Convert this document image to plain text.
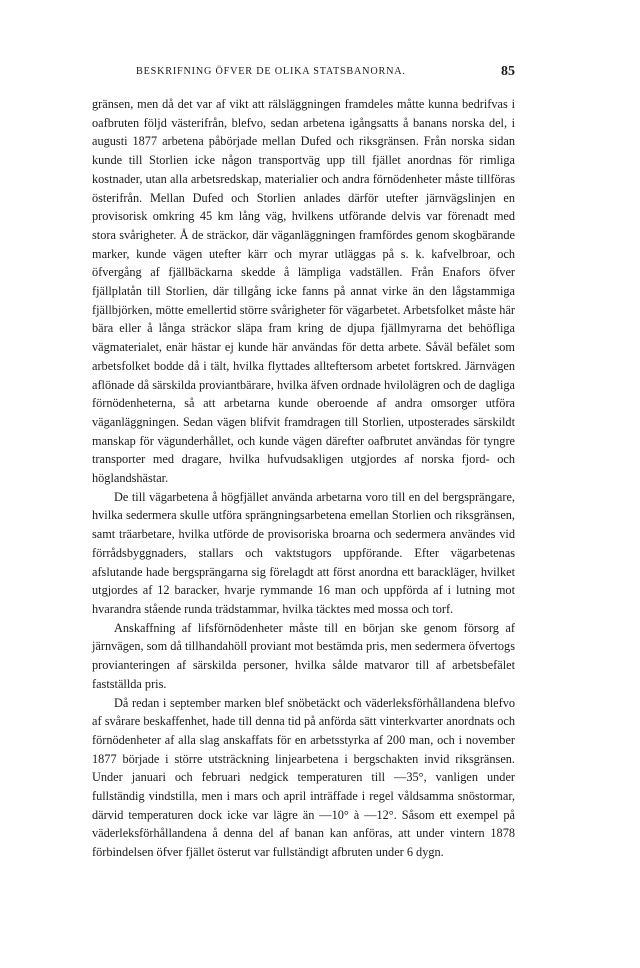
BESKRIFNING ÖFVER DE OLIKA STATSBANORNA.	85

gränsen, men då det var af vikt att rälsläggningen framdeles måtte kunna bedrifvas i oafbruten följd västerifrån, blefvo, sedan arbetena igångsatts å banans norska del, i augusti 1877 arbetena påbörjade mellan Dufed och riksgränsen. Från norska sidan kunde till Storlien icke någon transportväg upp till fjället anordnas för rimliga kostnader, utan alla arbetsredskap, materialier och andra förnödenheter måste tillföras österifrån. Mellan Dufed och Storlien anlades därför utefter järnvägslinjen en provisorisk omkring 45 km lång väg, hvilkens utförande delvis var förenadt med stora svårigheter. Å de sträckor, där väganläggningen framfördes genom skogbärande marker, kunde vägen utefter kärr och myrar utläggas på s. k. kafvelbroar, och öfvergång af fjällbäckarna skedde å lämpliga vadställen. Från Enafors öfver fjällplatån till Storlien, där tillgång icke fanns på annat virke än den lågstammiga fjällbjörken, mötte emellertid större svårigheter för vägarbetet. Arbetsfolket måste här bära eller å långa sträckor släpa fram kring de djupa fjällmyrarna det behöfliga vägmaterialet, enär hästar ej kunde här användas för detta arbete. Såväl befälet som arbetsfolket bodde då i tält, hvilka flyttades allteftersom arbetet fortskred. Järnvägen aflönade då särskilda proviantbärare, hvilka äfven ordnade hvilolägren och de dagliga förnödenheterna, så att arbetarna kunde oberoende af andra omsorger utföra väganläggningen. Sedan vägen blifvit framdragen till Storlien, utposterades särskildt manskap för vägunderhållet, och kunde vägen därefter oafbrutet användas för tyngre transporter med dragare, hvilka hufvudsakligen utgjordes af norska fjord- och höglandshästar.

De till vägarbetena å högfjället använda arbetarna voro till en del bergsprängare, hvilka sedermera skulle utföra sprängningsarbetena emellan Storlien och riksgränsen, samt träarbetare, hvilka utförde de provisoriska broarna och sedermera användes vid förrådsbyggnaders, stallars och vaktstugors uppförande. Efter vägarbetenas afslutande hade bergsprängarna sig förelagdt att först anordna ett barackläger, hvilket utgjordes af 12 baracker, hvarje rymmande 16 man och uppförda af i lutning mot hvarandra stående runda trädstammar, hvilka täcktes med mossa och torf.

Anskaffning af lifsförnödenheter måste till en början ske genom försorg af järnvägen, som då tillhandahöll proviant mot bestämda pris, men sedermera öfvertogs provianteringen af särskilda personer, hvilka sålde matvaror till af arbetsbefälet fastställda pris.

Då redan i september marken blef snöbetäckt och väderleksförhållandena blefvo af svårare beskaffenhet, hade till denna tid på anförda sätt vinterkvarter anordnats och förnödenheter af alla slag anskaffats för en arbetsstyrka af 200 man, och i november 1877 började i större utsträckning linjearbetena i bergschakten invid riksgränsen. Under januari och februari nedgick temperaturen till —35°, vanligen under fullständig vindstilla, men i mars och april inträffade i regel våldsamma snöstormar, därvid temperaturen dock icke var lägre än —10° à —12°. Såsom ett exempel på väderleksförhållandena å denna del af banan kan anföras, att under vintern 1878 förbindelsen öfver fjället österut var fullständigt afbruten under 6 dygn.
